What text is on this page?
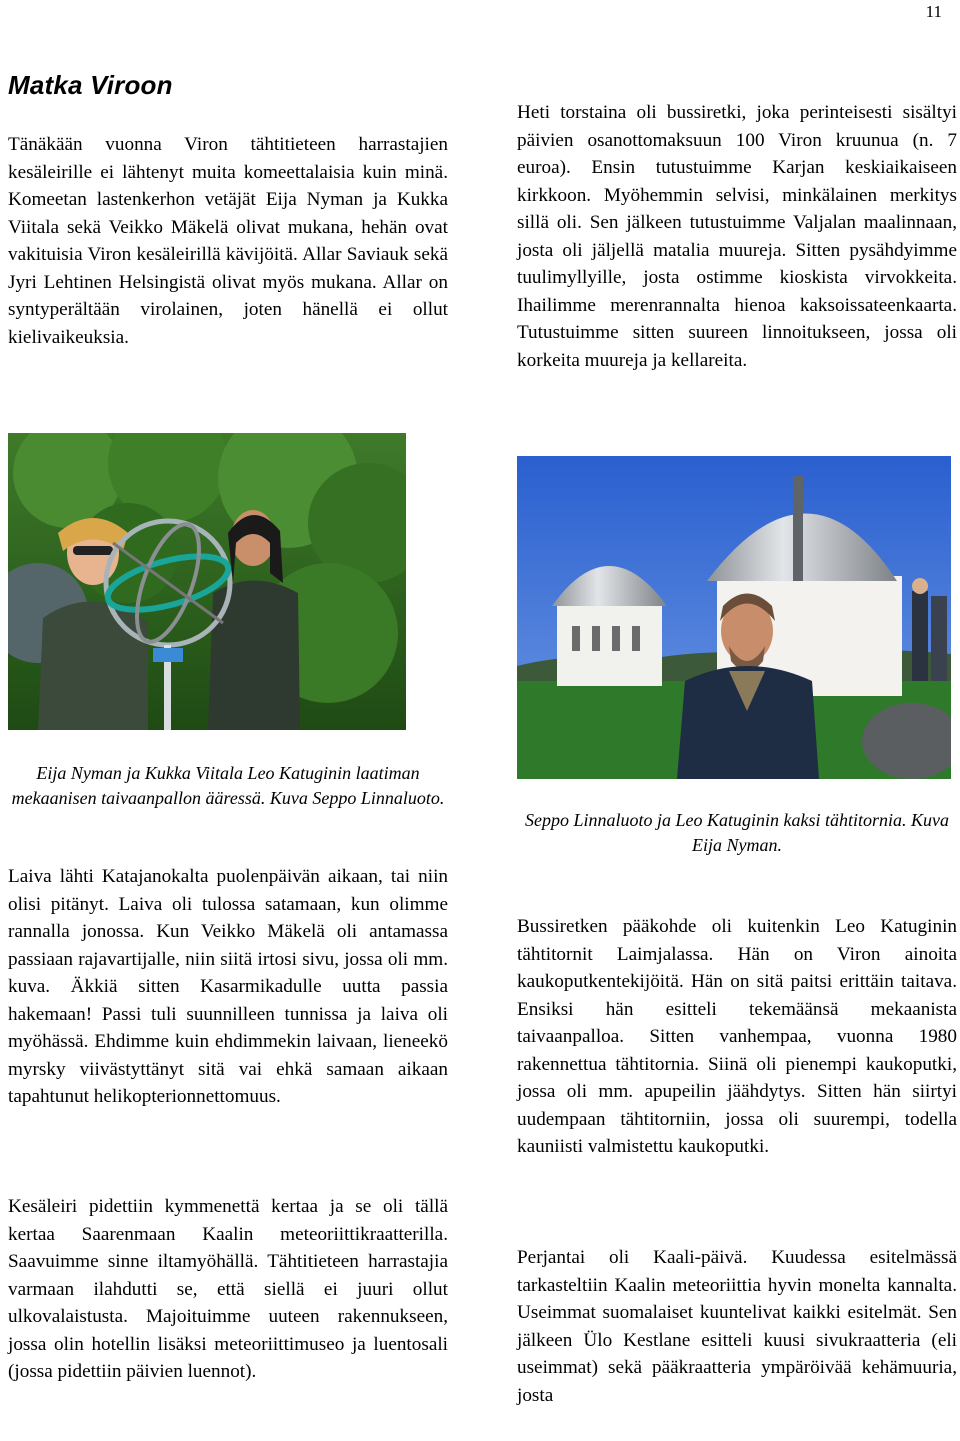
11
Matka Viroon

Tänäkään vuonna Viron tähtitieteen harrastajien kesäleirille ei lähtenyt muita komeettalaisia kuin minä. Komeetan lastenkerhon vetäjät Eija Nyman ja Kukka Viitala sekä Veikko Mäkelä olivat mukana, hehän ovat vakituisia Viron kesäleirillä kävijöitä. Allar Saviauk sekä Jyri Lehtinen Helsingistä olivat myös mukana. Allar on syntyperältään virolainen, joten hänellä ei ollut kielivaikeuksia.

Heti torstaina oli bussiretki, joka perinteisesti sisältyi päivien osanottomaksuun 100 Viron kruunua (n. 7 euroa). Ensin tutustuimme Karjan keskiaikaiseen kirkkoon. Myöhemmin selvisi, minkälainen merkitys sillä oli. Sen jälkeen tutustuimme Valjalan maalinnaan, josta oli jäljellä matalia muureja. Sitten pysähdyimme tuulimyllyille, josta ostimme kioskista virvokkeita. Ihailimme merenrannalta hienoa kaksoissateenkaarta. Tutustuimme sitten suureen linnoitukseen, jossa oli korkeita muureja ja kellareita.

Eija Nyman ja Kukka Viitala Leo Katuginin laatiman mekaanisen taivaanpallon ääressä. Kuva Seppo Linnaluoto.

Seppo Linnaluoto ja Leo Katuginin kaksi tähtitornia. Kuva Eija Nyman.

Laiva lähti Katajanokalta puolenpäivän aikaan, tai niin olisi pitänyt. Laiva oli tulossa satamaan, kun olimme rannalla jonossa. Kun Veikko Mäkelä oli antamassa passiaan rajavartijalle, niin siitä irtosi sivu, jossa oli mm. kuva. Äkkiä sitten Kasarmikadulle uutta passia hakemaan! Passi tuli suunnilleen tunnissa ja laiva oli myöhässä. Ehdimme kuin ehdimmekin laivaan, lieneekö myrsky viivästyttänyt sitä vai ehkä samaan aikaan tapahtunut helikopterionnettomuus.

Kesäleiri pidettiin kymmenettä kertaa ja se oli tällä kertaa Saarenmaan Kaalin meteoriittikraatterilla. Saavuimme sinne iltamyöhällä. Tähtitieteen harrastajia varmaan ilahdutti se, että siellä ei juuri ollut ulkovalaistusta. Majoituimme uuteen rakennukseen, jossa olin hotellin lisäksi meteoriittimuseo ja luentosali (jossa pidettiin päivien luennot).

Bussiretken pääkohde oli kuitenkin Leo Katuginin tähtitornit Laimjalassa. Hän on Viron ainoita kaukoputkentekijöitä. Hän on sitä paitsi erittäin taitava. Ensiksi hän esitteli tekemäänsä mekaanista taivaanpalloa. Sitten vanhempaa, vuonna 1980 rakennettua tähtitornia. Siinä oli pienempi kaukoputki, jossa oli mm. apupeilin jäähdytys. Sitten hän siirtyi uudempaan tähtitorniin, jossa oli suurempi, todella kauniisti valmistettu kaukoputki.

Perjantai oli Kaali-päivä. Kuudessa esitelmässä tarkasteltiin Kaalin meteoriittia hyvin monelta kannalta. Useimmat suomalaiset kuuntelivat kaikki esitelmät. Sen jälkeen Ülo Kestlane esitteli kuusi sivukraatteria (eli useimmat) sekä pääkraatteria ympäröivää kehämuuria, josta
